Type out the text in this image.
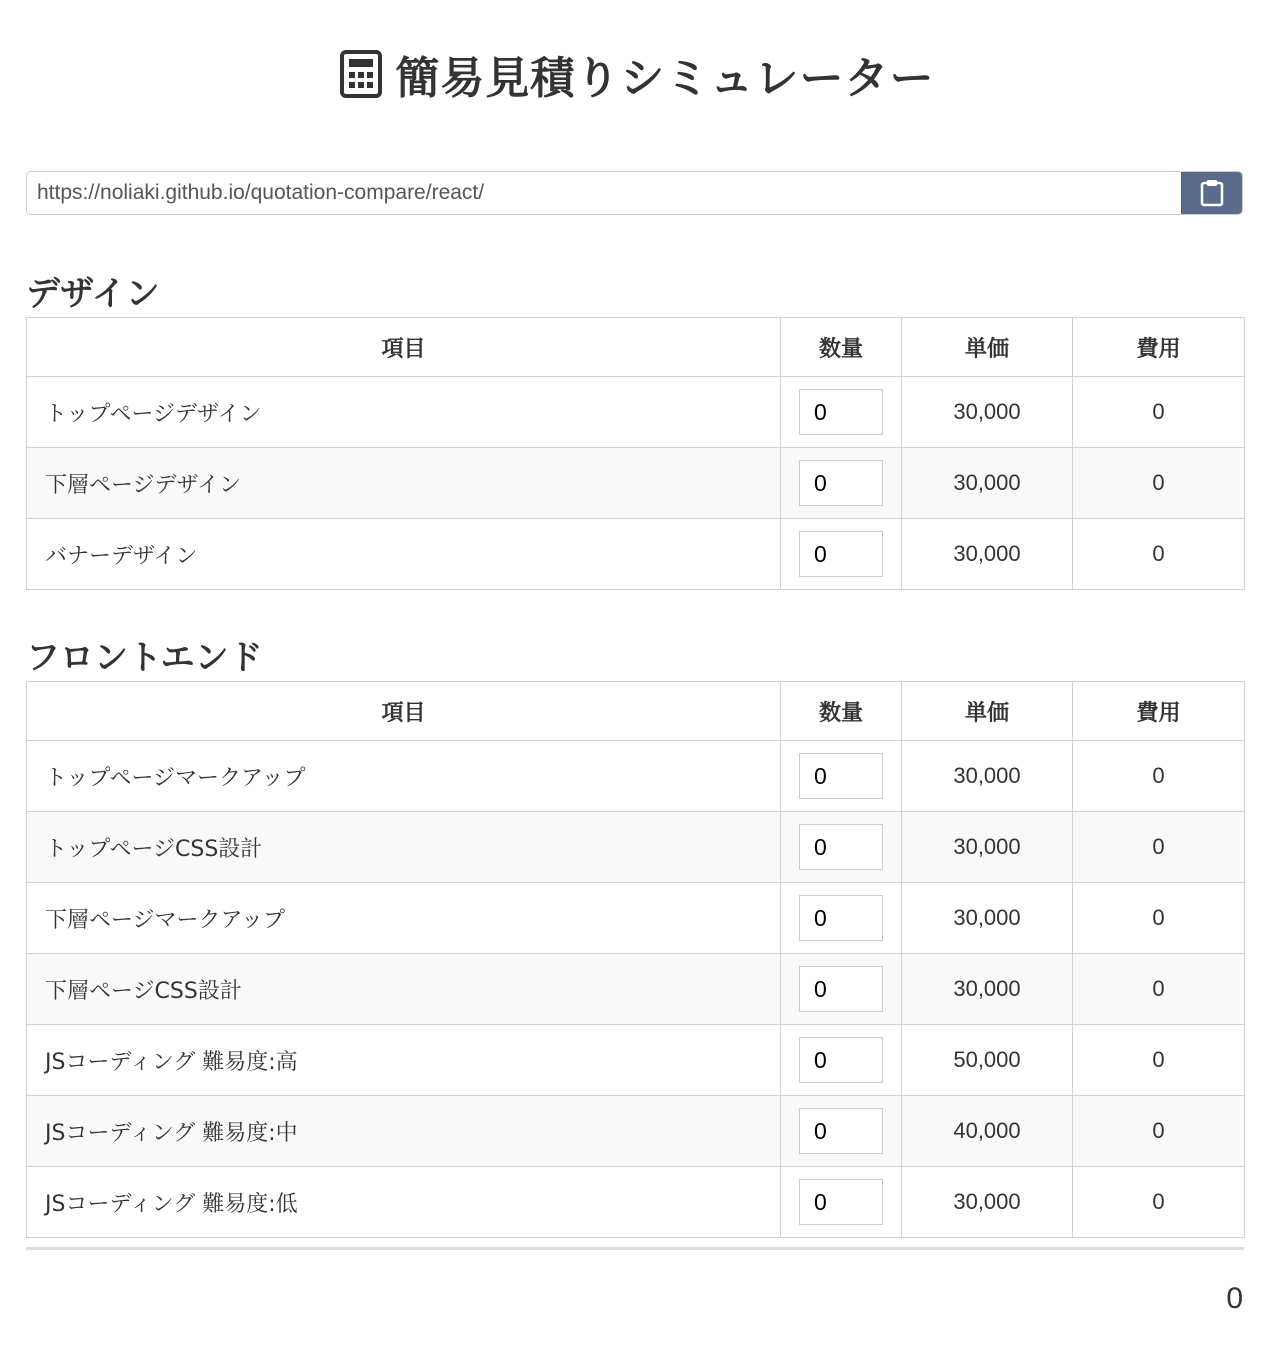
簡易見積りシミュレーター
https://noliaki.github.io/quotation-compare/react/
デザイン
項目	数量	単価	費用
トップページデザイン	0	30,000	0
下層ページデザイン	0	30,000	0
バナーデザイン	0	30,000	0
フロントエンド
項目	数量	単価	費用
トップページマークアップ	0	30,000	0
トップページCSS設計	0	30,000	0
下層ページマークアップ	0	30,000	0
下層ページCSS設計	0	30,000	0
JSコーディング 難易度:高	0	50,000	0
JSコーディング 難易度:中	0	40,000	0
JSコーディング 難易度:低	0	30,000	0
0
